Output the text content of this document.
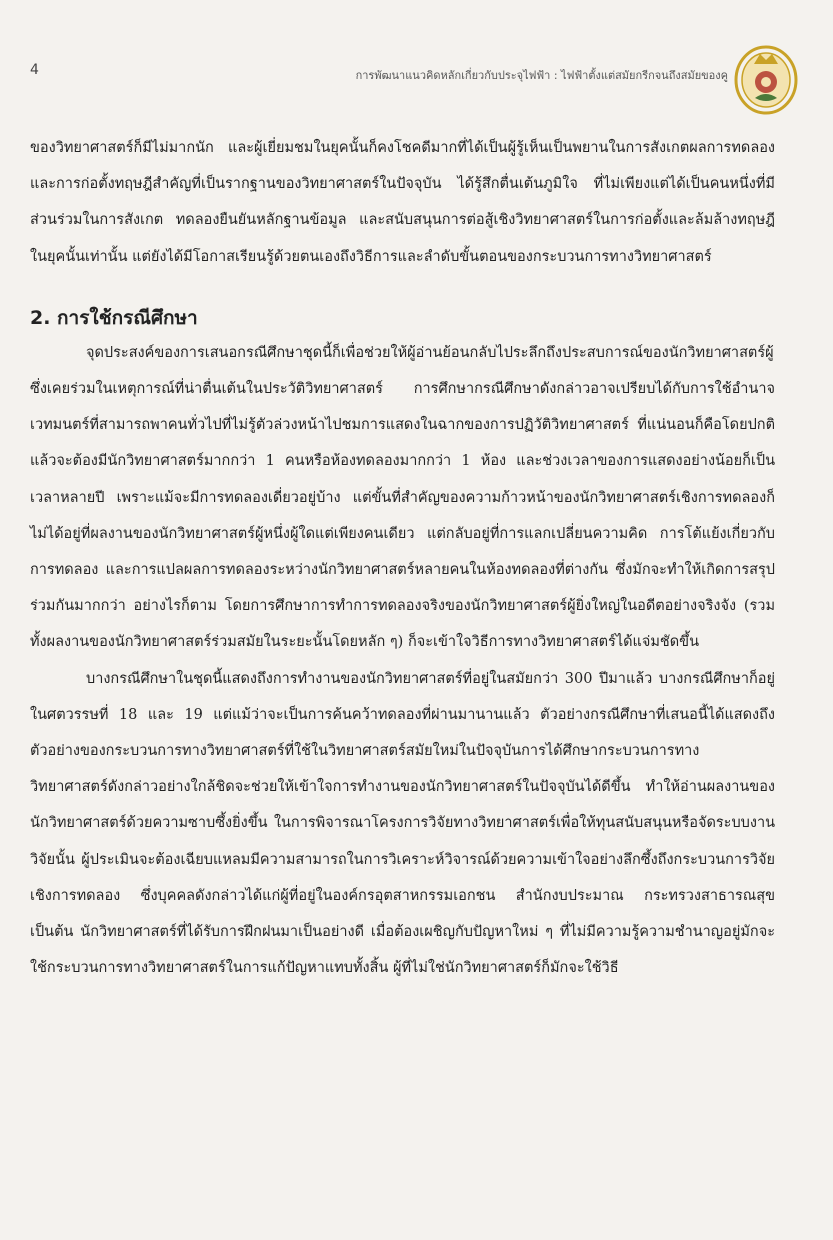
4	การพัฒนาแนวคิดหลักเกี่ยวกับประจุไฟฟ้า : ไฟฟ้าตั้งแต่สมัยกรีกจนถึงสมัยของคู

ของวิทยาศาสตร์ก็มีไม่มากนัก และผู้เยี่ยมชมในยุคนั้นก็คงโชคดีมากที่ได้เป็นผู้รู้เห็นเป็นพยานในการสังเกตผลการทดลองและการก่อตั้งทฤษฎีสำคัญที่เป็นรากฐานของวิทยาศาสตร์ในปัจจุบัน ได้รู้สึกตื่นเต้นภูมิใจ ที่ไม่เพียงแต่ได้เป็นคนหนึ่งที่มีส่วนร่วมในการสังเกต ทดลองยืนยันหลักฐานข้อมูล และสนับสนุนการต่อสู้เชิงวิทยาศาสตร์ในการก่อตั้งและล้มล้างทฤษฎีในยุคนั้นเท่านั้น แต่ยังได้มีโอกาสเรียนรู้ด้วยตนเองถึงวิธีการและลำดับขั้นตอนของกระบวนการทางวิทยาศาสตร์

2. การใช้กรณีศึกษา

จุดประสงค์ของการเสนอกรณีศึกษาชุดนี้ก็เพื่อช่วยให้ผู้อ่านย้อนกลับไประลึกถึงประสบการณ์ของนักวิทยาศาสตร์ผู้ซึ่งเคยร่วมในเหตุการณ์ที่น่าตื่นเต้นในประวัติวิทยาศาสตร์ การศึกษากรณีศึกษาดังกล่าวอาจเปรียบได้กับการใช้อำนาจเวทมนตร์ที่สามารถพาคนทั่วไปที่ไม่รู้ตัวล่วงหน้าไปชมการแสดงในฉากของการปฏิวัติวิทยาศาสตร์ ที่แน่นอนก็คือโดยปกติแล้วจะต้องมีนักวิทยาศาสตร์มากกว่า 1 คนหรือห้องทดลองมากกว่า 1 ห้อง และช่วงเวลาของการแสดงอย่างน้อยก็เป็นเวลาหลายปี เพราะแม้จะมีการทดลองเดี่ยวอยู่บ้าง แต่ขั้นที่สำคัญของความก้าวหน้าของนักวิทยาศาสตร์เชิงการทดลองก็ไม่ได้อยู่ที่ผลงานของนักวิทยาศาสตร์ผู้หนึ่งผู้ใดแต่เพียงคนเดียว แต่กลับอยู่ที่การแลกเปลี่ยนความคิด การโต้แย้งเกี่ยวกับการทดลอง และการแปลผลการทดลองระหว่างนักวิทยาศาสตร์หลายคนในห้องทดลองที่ต่างกัน ซึ่งมักจะทำให้เกิดการสรุปร่วมกันมากกว่า อย่างไรก็ตาม โดยการศึกษาการทำการทดลองจริงของนักวิทยาศาสตร์ผู้ยิ่งใหญ่ในอดีตอย่างจริงจัง (รวมทั้งผลงานของนักวิทยาศาสตร์ร่วมสมัยในระยะนั้นโดยหลัก ๆ) ก็จะเข้าใจวิธีการทางวิทยาศาสตร์ได้แจ่มชัดขึ้น

บางกรณีศึกษาในชุดนี้แสดงถึงการทำงานของนักวิทยาศาสตร์ที่อยู่ในสมัยกว่า 300 ปีมาแล้ว บางกรณีศึกษาก็อยู่ในศตวรรษที่ 18 และ 19 แต่แม้ว่าจะเป็นการค้นคว้าทดลองที่ผ่านมานานแล้ว ตัวอย่างกรณีศึกษาที่เสนอนี้ได้แสดงถึงตัวอย่างของกระบวนการทางวิทยาศาสตร์ที่ใช้ในวิทยาศาสตร์สมัยใหม่ในปัจจุบันการได้ศึกษากระบวนการทางวิทยาศาสตร์ดังกล่าวอย่างใกล้ชิดจะช่วยให้เข้าใจการทำงานของนักวิทยาศาสตร์ในปัจจุบันได้ดีขึ้น ทำให้อ่านผลงานของนักวิทยาศาสตร์ด้วยความซาบซึ้งยิ่งขึ้น ในการพิจารณาโครงการวิจัยทางวิทยาศาสตร์เพื่อให้ทุนสนับสนุนหรือจัดระบบงานวิจัยนั้น ผู้ประเมินจะต้องเฉียบแหลมมีความสามารถในการวิเคราะห์วิจารณ์ด้วยความเข้าใจอย่างลึกซึ้งถึงกระบวนการวิจัยเชิงการทดลอง ซึ่งบุคคลดังกล่าวได้แก่ผู้ที่อยู่ในองค์กรอุตสาหกรรมเอกชน สำนักงบประมาณ กระทรวงสาธารณสุข เป็นต้น นักวิทยาศาสตร์ที่ได้รับการฝึกฝนมาเป็นอย่างดี เมื่อต้องเผชิญกับปัญหาใหม่ ๆ ที่ไม่มีความรู้ความชำนาญอยู่มักจะใช้กระบวนการทางวิทยาศาสตร์ในการแก้ปัญหาแทบทั้งสิ้น ผู้ที่ไม่ใช่นักวิทยาศาสตร์ก็มักจะใช้วิธี
